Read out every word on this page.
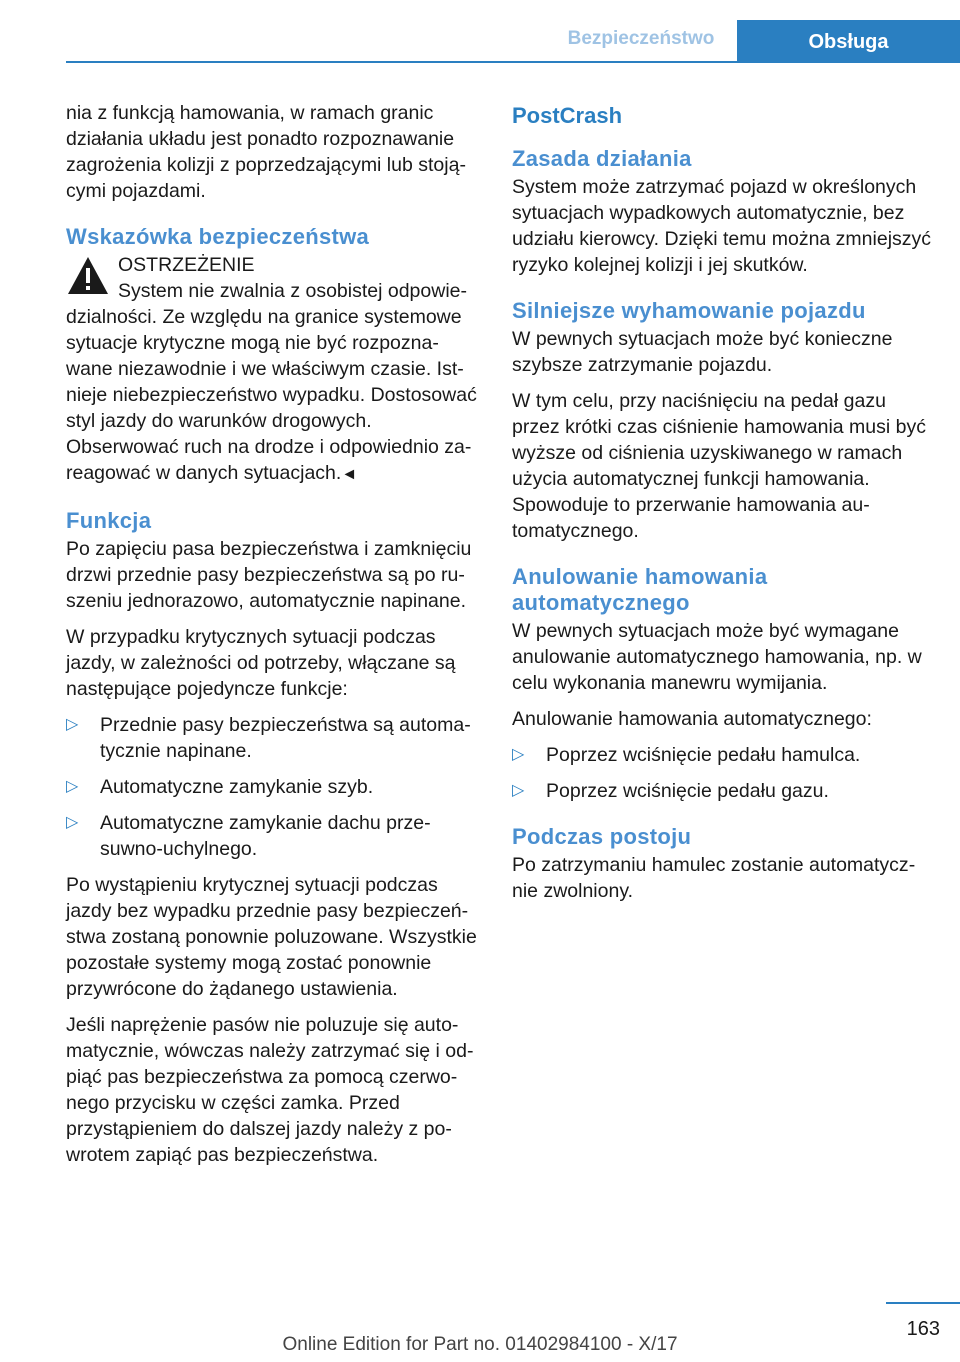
Bezpieczeństwo	Obsługa

nia z funkcją hamowania, w ramach granic działania układu jest ponadto rozpoznawanie zagrożenia kolizji z poprzedzającymi lub stojącymi pojazdami.

Wskazówka bezpieczeństwa

OSTRZEŻENIE

System nie zwalnia z osobistej odpowiedzialności. Ze względu na granice systemowe sytuacje krytyczne mogą nie być rozpoznawane niezawodnie i we właściwym czasie. Istnieje niebezpieczeństwo wypadku. Dostosować styl jazdy do warunków drogowych. Obserwować ruch na drodze i odpowiednio zareagować w danych sytuacjach.◄

Funkcja

Po zapięciu pasa bezpieczeństwa i zamknięciu drzwi przednie pasy bezpieczeństwa są po ruszeniu jednorazowo, automatycznie napinane.

W przypadku krytycznych sytuacji podczas jazdy, w zależności od potrzeby, włączane są następujące pojedyncze funkcje:

▷ Przednie pasy bezpieczeństwa są automatycznie napinane.
▷ Automatyczne zamykanie szyb.
▷ Automatyczne zamykanie dachu przesuwno-uchylnego.

Po wystąpieniu krytycznej sytuacji podczas jazdy bez wypadku przednie pasy bezpieczeństwa zostaną ponownie poluzowane. Wszystkie pozostałe systemy mogą zostać ponownie przywrócone do żądanego ustawienia.

Jeśli naprężenie pasów nie poluzuje się automatycznie, wówczas należy zatrzymać się i odpiąć pas bezpieczeństwa za pomocą czerwonego przycisku w części zamka. Przed przystąpieniem do dalszej jazdy należy z powrotem zapiąć pas bezpieczeństwa.

PostCrash
Zasada działania

System może zatrzymać pojazd w określonych sytuacjach wypadkowych automatycznie, bez udziału kierowcy. Dzięki temu można zmniejszyć ryzyko kolejnej kolizji i jej skutków.

Silniejsze wyhamowanie pojazdu

W pewnych sytuacjach może być konieczne szybsze zatrzymanie pojazdu.

W tym celu, przy naciśnięciu na pedał gazu przez krótki czas ciśnienie hamowania musi być wyższe od ciśnienia uzyskiwanego w ramach użycia automatycznej funkcji hamowania. Spowoduje to przerwanie hamowania automatycznego.

Anulowanie hamowania automatycznego

W pewnych sytuacjach może być wymagane anulowanie automatycznego hamowania, np. w celu wykonania manewru wymijania.

Anulowanie hamowania automatycznego:

▷ Poprzez wciśnięcie pedału hamulca.
▷ Poprzez wciśnięcie pedału gazu.
Podczas postoju

Po zatrzymaniu hamulec zostanie automatycznie zwolniony.

163
Online Edition for Part no. 01402984100 - X/17
